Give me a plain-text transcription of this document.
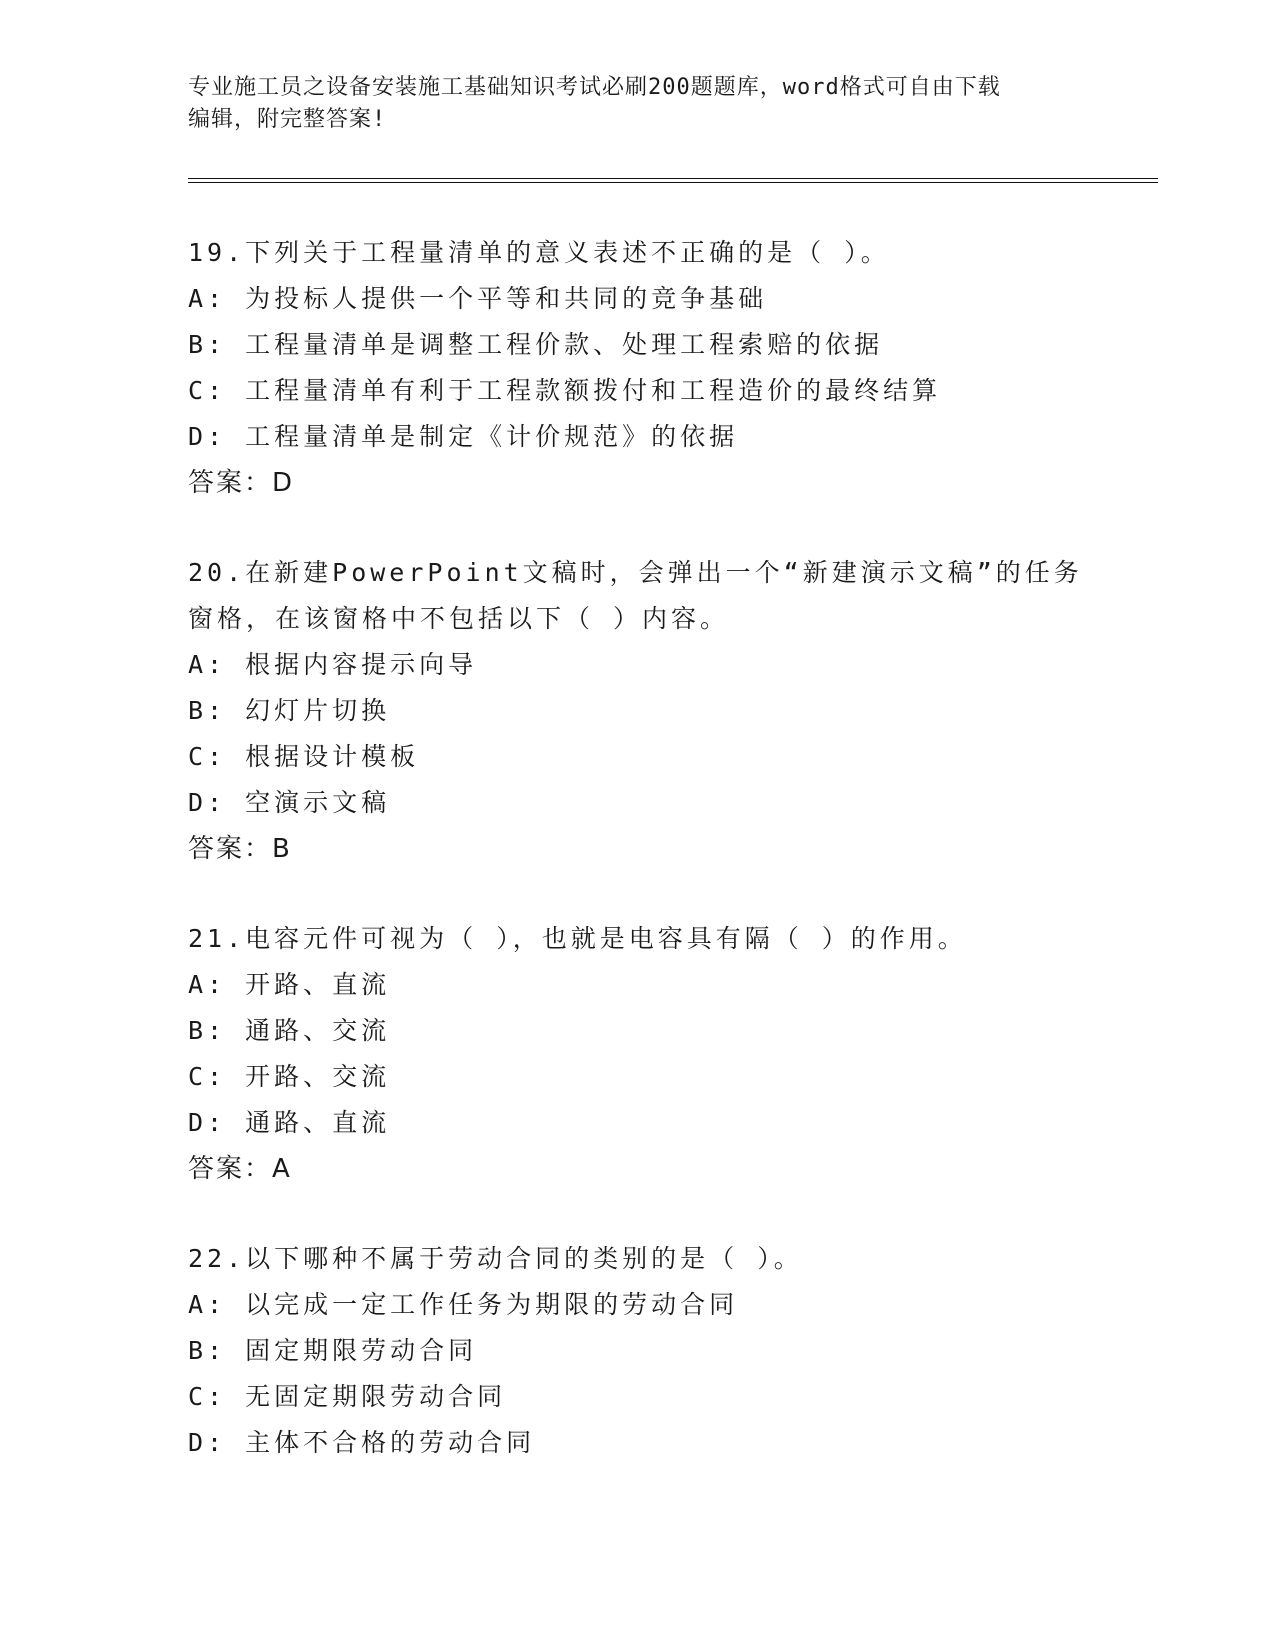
专业施工员之设备安装施工基础知识考试必刷200题题库，word格式可自由下载
编辑，附完整答案!
19.下列关于工程量清单的意义表述不正确的是（ ）。
A: 为投标人提供一个平等和共同的竞争基础
B: 工程量清单是调整工程价款、处理工程索赔的依据
C: 工程量清单有利于工程款额拨付和工程造价的最终结算
D: 工程量清单是制定《计价规范》的依据
答案：D
20.在新建PowerPoint文稿时，会弹出一个“新建演示文稿”的任务窗格，在该窗格中不包括以下（ ）内容。
A: 根据内容提示向导
B: 幻灯片切换
C: 根据设计模板
D: 空演示文稿
答案：B
21.电容元件可视为（ ），也就是电容具有隔（ ）的作用。
A: 开路、直流
B: 通路、交流
C: 开路、交流
D: 通路、直流
答案：A
22.以下哪种不属于劳动合同的类别的是（ ）。
A: 以完成一定工作任务为期限的劳动合同
B: 固定期限劳动合同
C: 无固定期限劳动合同
D: 主体不合格的劳动合同
